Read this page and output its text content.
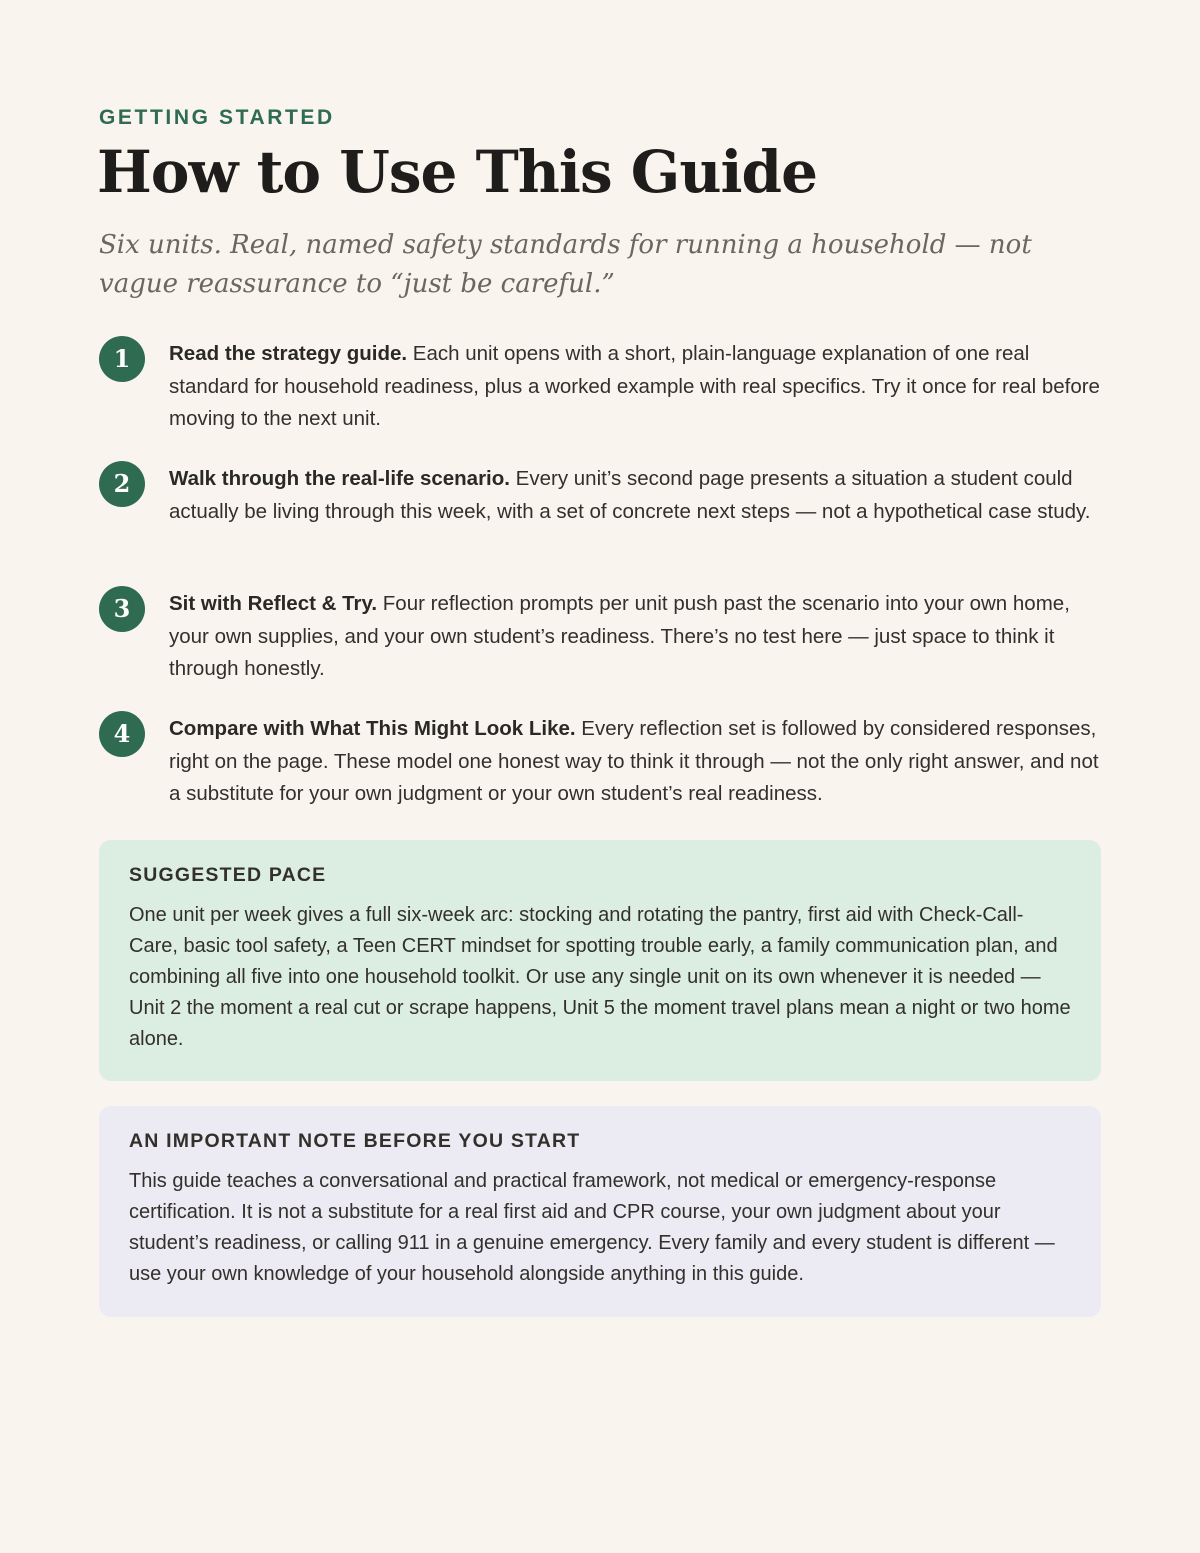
GETTING STARTED

How to Use This Guide

Six units. Real, named safety standards for running a household — not vague reassurance to “just be careful.”

1	Read the strategy guide. Each unit opens with a short, plain-language explanation of one real standard for household readiness, plus a worked example with real specifics. Try it once for real before moving to the next unit.

2	Walk through the real-life scenario. Every unit’s second page presents a situation a student could actually be living through this week, with a set of concrete next steps — not a hypothetical case study.

3	Sit with Reflect & Try. Four reflection prompts per unit push past the scenario into your own home, your own supplies, and your own student’s readiness. There’s no test here — just space to think it through honestly.

4	Compare with What This Might Look Like. Every reflection set is followed by considered responses, right on the page. These model one honest way to think it through — not the only right answer, and not a substitute for your own judgment or your own student’s real readiness.

SUGGESTED PACE

One unit per week gives a full six-week arc: stocking and rotating the pantry, first aid with Check-Call-Care, basic tool safety, a Teen CERT mindset for spotting trouble early, a family communication plan, and combining all five into one household toolkit. Or use any single unit on its own whenever it is needed — Unit 2 the moment a real cut or scrape happens, Unit 5 the moment travel plans mean a night or two home alone.

AN IMPORTANT NOTE BEFORE YOU START

This guide teaches a conversational and practical framework, not medical or emergency-response certification. It is not a substitute for a real first aid and CPR course, your own judgment about your student’s readiness, or calling 911 in a genuine emergency. Every family and every student is different — use your own knowledge of your household alongside anything in this guide.
